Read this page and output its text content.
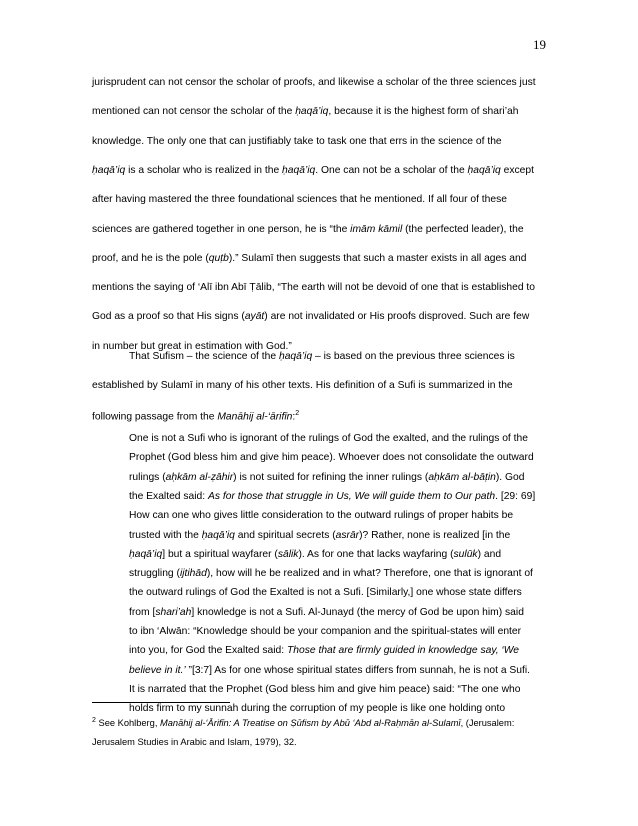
19
jurisprudent can not censor the scholar of proofs, and likewise a scholar of the three sciences just
mentioned can not censor the scholar of the ḥaqā’iq, because it is the highest form of shari’ah
knowledge. The only one that can justifiably take to task one that errs in the science of the
ḥaqā’iq is a scholar who is realized in the ḥaqā’iq. One can not be a scholar of the ḥaqā’iq except
after having mastered the three foundational sciences that he mentioned. If all four of these
sciences are gathered together in one person, he is “the imām kāmil (the perfected leader), the
proof, and he is the pole (quṭb).” Sulamī then suggests that such a master exists in all ages and
mentions the saying of ‘Alī ibn Abī Ṭālib, “The earth will not be devoid of one that is established to
God as a proof so that His signs (ayāt) are not invalidated or His proofs disproved. Such are few
in number but great in estimation with God.”
That Sufism – the science of the ḥaqā’iq – is based on the previous three sciences is
established by Sulamī in many of his other texts. His definition of a Sufi is summarized in the
following passage from the Manāhij al-‘ārifīn:$^2$
One is not a Sufi who is ignorant of the rulings of God the exalted, and the rulings of the
Prophet (God bless him and give him peace). Whoever does not consolidate the outward
rulings (aḥkām al-ẓāhir) is not suited for refining the inner rulings (aḥkām al-bāṭin). God
the Exalted said: As for those that struggle in Us, We will guide them to Our path. [29: 69]
How can one who gives little consideration to the outward rulings of proper habits be
trusted with the ḥaqā’iq and spiritual secrets (asrār)? Rather, none is realized [in the
ḥaqā’iq] but a spiritual wayfarer (sālik). As for one that lacks wayfaring (sulūk) and
struggling (ijtihād), how will he be realized and in what? Therefore, one that is ignorant of
the outward rulings of God the Exalted is not a Sufi. [Similarly,] one whose state differs
from [shari’ah] knowledge is not a Sufi. Al-Junayd (the mercy of God be upon him) said
to ibn ‘Alwān: “Knowledge should be your companion and the spiritual-states will enter
into you, for God the Exalted said: Those that are firmly guided in knowledge say, ‘We
believe in it.’ ”[3:7] As for one whose spiritual states differs from sunnah, he is not a Sufi.
It is narrated that the Prophet (God bless him and give him peace) said: “The one who
holds firm to my sunnah during the corruption of my people is like one holding onto
$^2$ See Kohlberg, Manāhij al-‘Ārifīn: A Treatise on Ṣūfism by Abū ‘Abd al-Raḥmān al-Sulamī, (Jerusalem:
Jerusalem Studies in Arabic and Islam, 1979), 32.
